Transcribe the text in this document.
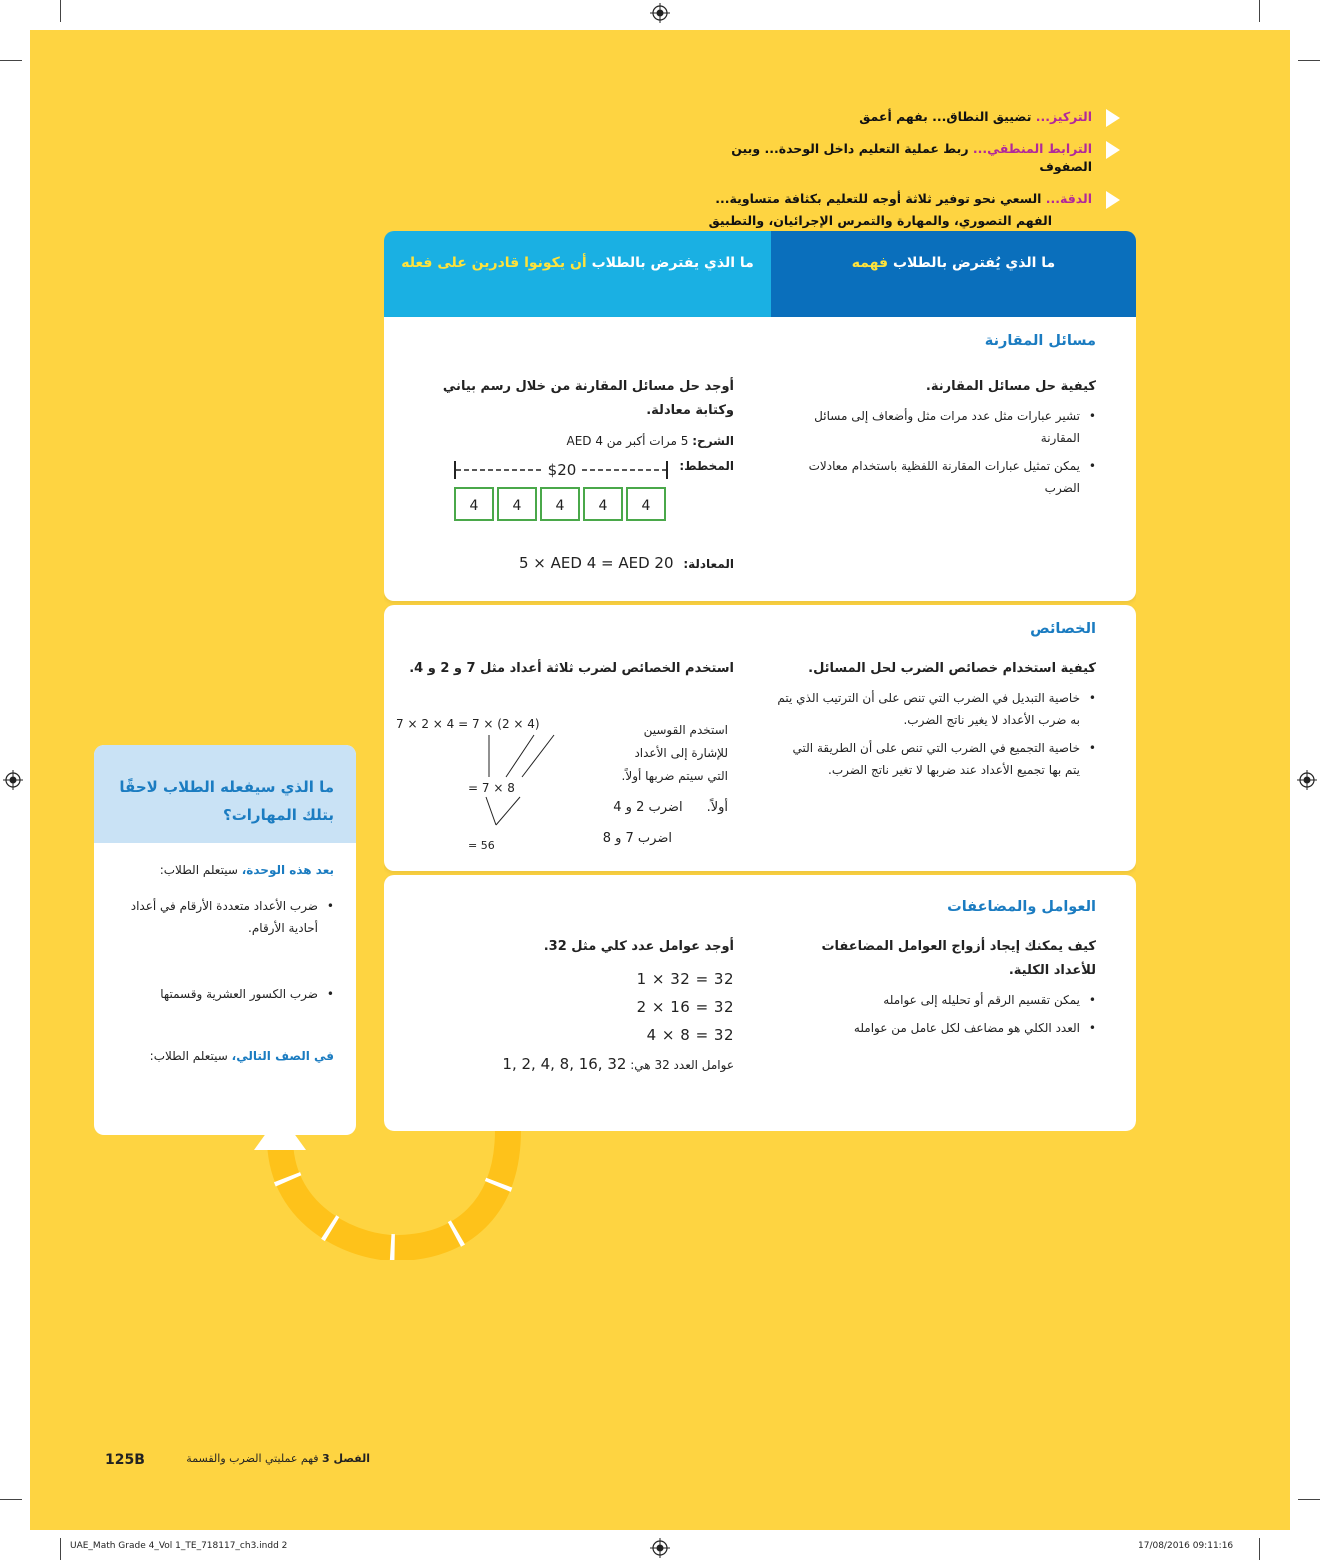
التركيز... تضييق النطاق... بفهم أعمق
الترابط المنطقي... ربط عملية التعليم داخل الوحدة... وبين الصفوف
الدقة... السعي نحو توفير ثلاثة أوجه للتعليم بكثافة متساوية...
الفهم التصوري، والمهارة والتمرس الإجرائيان، والتطبيق
ما الذي يفترض بالطلاب أن يكونوا قادرين على فعله	ما الذي يُفترض بالطلاب فهمه
مسائل المقارنة
كيفية حل مسائل المقارنة.
• تشير عبارات مثل عدد مرات مثل وأضعاف إلى مسائل المقارنة
• يمكن تمثيل عبارات المقارنة اللفظية باستخدام معادلات الضرب
أوجد حل مسائل المقارنة من خلال رسم بياني وكتابة معادلة.
الشرح: 5 مرات أكبر من AED 4
المخطط:
$20
4	4	4	4	4
المعادلة: 5 × AED 4 = AED 20
الخصائص
كيفية استخدام خصائص الضرب لحل المسائل.
• خاصية التبديل في الضرب التي تنص على أن الترتيب الذي يتم به ضرب الأعداد لا يغير ناتج الضرب.
• خاصية التجميع في الضرب التي تنص على أن الطريقة التي يتم بها تجميع الأعداد عند ضربها لا تغير ناتج الضرب.
استخدم الخصائص لضرب ثلاثة أعداد مثل 7 و 2 و 4.
7 × 2 × 4 = 7 × (2 × 4)
= 7 × 8
= 56
استخدم القوسين
للإشارة إلى الأعداد
التي سيتم ضربها أولاً.
أولاً.اضرب 2 و 4
اضرب 7 و 8
العوامل والمضاعفات
كيف يمكنك إيجاد أزواج العوامل المضاعفات للأعداد الكلية.
• يمكن تقسيم الرقم أو تحليله إلى عوامله
• العدد الكلي هو مضاعف لكل عامل من عوامله
أوجد عوامل عدد كلي مثل 32.
1 × 32 = 32
2 × 16 = 32
4 × 8 = 32
عوامل العدد 32 هي: 1, 2, 4, 8, 16, 32
ما الذي سيفعله الطلاب لاحقًا بتلك المهارات؟
بعد هذه الوحدة، سيتعلم الطلاب:
• ضرب الأعداد متعددة الأرقام في أعداد أحادية الأرقام.
• ضرب الكسور العشرية وقسمتها
في الصف التالي، سيتعلم الطلاب:
125B	الفصل 3 فهم عمليتي الضرب والقسمة
UAE_Math Grade 4_Vol 1_TE_718117_ch3.indd 2	17/08/2016 09:11:16
